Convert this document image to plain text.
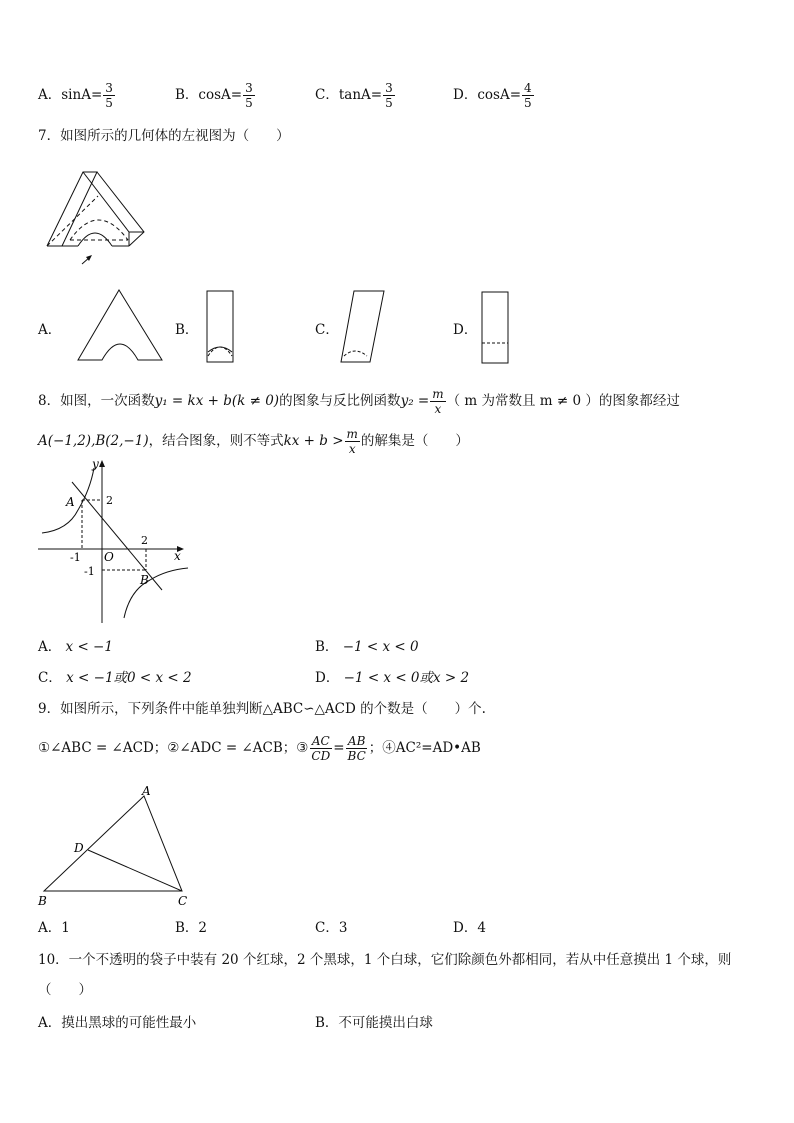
A．$\sin A= \frac{3}{5}$	B．$\cos A= \frac{3}{5}$	C．$\tan A= \frac{3}{5}$	D．$\cos A= \frac{4}{5}$
7．如图所示的几何体的左视图为（　　）
A．	B．	C．	D．
8．如图，一次函数y₁ = kx + b(k ≠ 0)的图象与反比例函数$y_2 = \frac{m}{x}$ （ m 为常数且 m ≠ 0 ）的图象都经过
A(−1,2),B(2,−1)，结合图象，则不等式kx + $b > \frac{m}{x}$ 的解集是（　　）
y
x
O
A
B
2
2
-1
-1
A． x < −1	B． −1 < x < 0
C． x < −1或0 < x < 2	D． −1 < x < 0或x > 2
9．如图所示，下列条件中能单独判断△ABC∽△ACD 的个数是（　　）个.
①∠ABC = ∠ACD；②∠ADC = ∠ACB；③ $\frac{AC}{CD} = \frac{AB}{BC}$ ；④AC²=AD•AB
A
B	C
D
A．1	B．2	C．3	D．4
10．一个不透明的袋子中装有 20 个红球，2 个黑球，1 个白球，它们除颜色外都相同，若从中任意摸出 1 个球，则
（　　）
A．摸出黑球的可能性最小	B．不可能摸出白球
